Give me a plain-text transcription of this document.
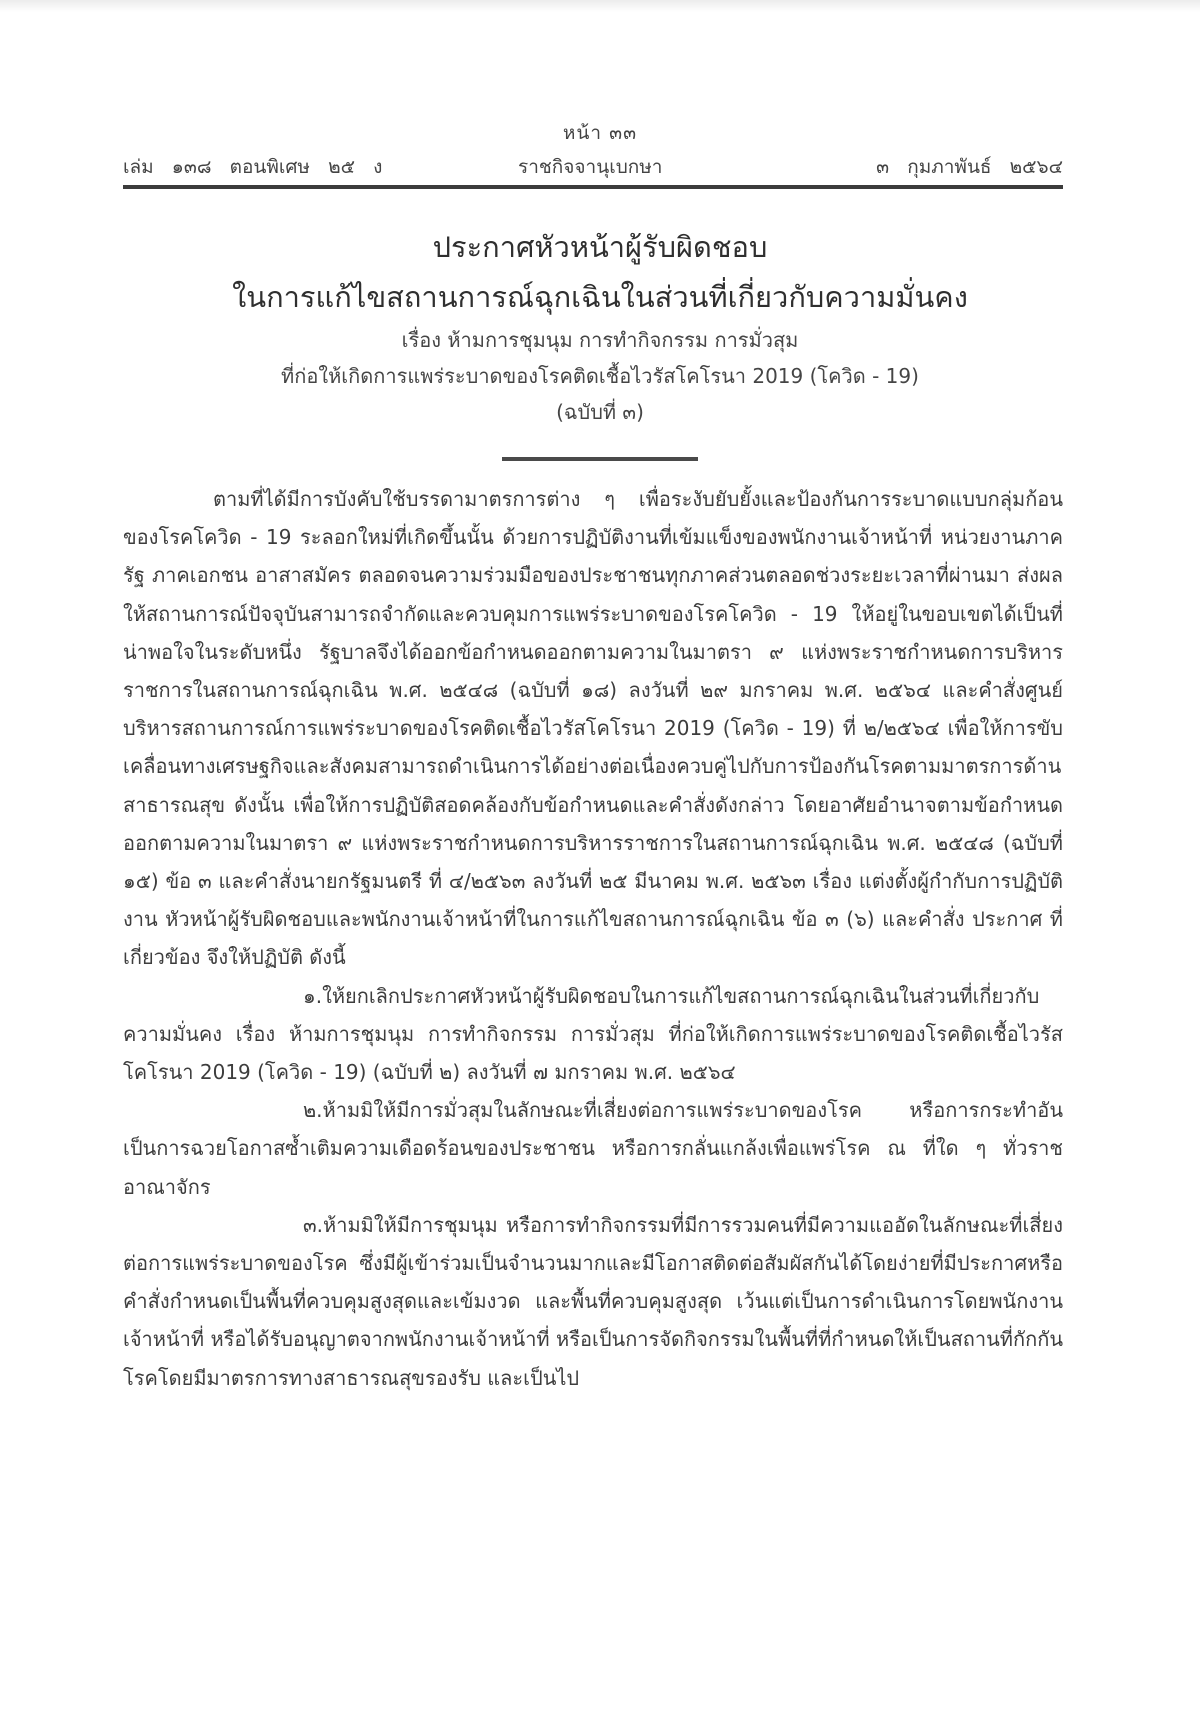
หน้า ๓๓
เล่ม   ๑๓๘   ตอนพิเศษ   ๒๕   ง	ราชกิจจานุเบกษา	๓   กุมภาพันธ์   ๒๕๖๔
ประกาศหัวหน้าผู้รับผิดชอบ
ในการแก้ไขสถานการณ์ฉุกเฉินในส่วนที่เกี่ยวกับความมั่นคง
เรื่อง ห้ามการชุมนุม การทำกิจกรรม การมั่วสุม
ที่ก่อให้เกิดการแพร่ระบาดของโรคติดเชื้อไวรัสโคโรนา 2019 (โควิด - 19)
(ฉบับที่ ๓)

ตามที่ได้มีการบังคับใช้บรรดามาตรการต่าง ๆ เพื่อระงับยับยั้งและป้องกันการระบาดแบบกลุ่มก้อนของโรคโควิด - 19 ระลอกใหม่ที่เกิดขึ้นนั้น ด้วยการปฏิบัติงานที่เข้มแข็งของพนักงานเจ้าหน้าที่ หน่วยงานภาครัฐ ภาคเอกชน อาสาสมัคร ตลอดจนความร่วมมือของประชาชนทุกภาคส่วนตลอดช่วงระยะเวลาที่ผ่านมา ส่งผลให้สถานการณ์ปัจจุบันสามารถจำกัดและควบคุมการแพร่ระบาดของโรคโควิด - 19 ให้อยู่ในขอบเขตได้เป็นที่น่าพอใจในระดับหนึ่ง รัฐบาลจึงได้ออกข้อกำหนดออกตามความในมาตรา ๙ แห่งพระราชกำหนดการบริหารราชการในสถานการณ์ฉุกเฉิน พ.ศ. ๒๕๔๘ (ฉบับที่ ๑๘) ลงวันที่ ๒๙ มกราคม พ.ศ. ๒๕๖๔ และคำสั่งศูนย์บริหารสถานการณ์การแพร่ระบาดของโรคติดเชื้อไวรัสโคโรนา 2019 (โควิด - 19) ที่ ๒/๒๕๖๔ เพื่อให้การขับเคลื่อนทางเศรษฐกิจและสังคมสามารถดำเนินการได้อย่างต่อเนื่องควบคู่ไปกับการป้องกันโรคตามมาตรการด้านสาธารณสุข ดังนั้น เพื่อให้การปฏิบัติสอดคล้องกับข้อกำหนดและคำสั่งดังกล่าว โดยอาศัยอำนาจตามข้อกำหนดออกตามความในมาตรา ๙ แห่งพระราชกำหนดการบริหารราชการในสถานการณ์ฉุกเฉิน พ.ศ. ๒๕๔๘ (ฉบับที่ ๑๕) ข้อ ๓ และคำสั่งนายกรัฐมนตรี ที่ ๔/๒๕๖๓ ลงวันที่ ๒๕ มีนาคม พ.ศ. ๒๕๖๓ เรื่อง แต่งตั้งผู้กำกับการปฏิบัติงาน หัวหน้าผู้รับผิดชอบและพนักงานเจ้าหน้าที่ในการแก้ไขสถานการณ์ฉุกเฉิน ข้อ ๓ (๖) และคำสั่ง ประกาศ ที่เกี่ยวข้อง จึงให้ปฏิบัติ ดังนี้

๑.ให้ยกเลิกประกาศหัวหน้าผู้รับผิดชอบในการแก้ไขสถานการณ์ฉุกเฉินในส่วนที่เกี่ยวกับความมั่นคง เรื่อง ห้ามการชุมนุม การทำกิจกรรม การมั่วสุม ที่ก่อให้เกิดการแพร่ระบาดของโรคติดเชื้อไวรัสโคโรนา 2019 (โควิด - 19) (ฉบับที่ ๒) ลงวันที่ ๗ มกราคม พ.ศ. ๒๕๖๔

๒.ห้ามมิให้มีการมั่วสุมในลักษณะที่เสี่ยงต่อการแพร่ระบาดของโรค หรือการกระทำอันเป็นการฉวยโอกาสซ้ำเติมความเดือดร้อนของประชาชน หรือการกลั่นแกล้งเพื่อแพร่โรค ณ ที่ใด ๆ ทั่วราชอาณาจักร

๓.ห้ามมิให้มีการชุมนุม หรือการทำกิจกรรมที่มีการรวมคนที่มีความแออัดในลักษณะที่เสี่ยงต่อการแพร่ระบาดของโรค ซึ่งมีผู้เข้าร่วมเป็นจำนวนมากและมีโอกาสติดต่อสัมผัสกันได้โดยง่ายที่มีประกาศหรือคำสั่งกำหนดเป็นพื้นที่ควบคุมสูงสุดและเข้มงวด และพื้นที่ควบคุมสูงสุด เว้นแต่เป็นการดำเนินการโดยพนักงานเจ้าหน้าที่ หรือได้รับอนุญาตจากพนักงานเจ้าหน้าที่ หรือเป็นการจัดกิจกรรมในพื้นที่ที่กำหนดให้เป็นสถานที่กักกันโรคโดยมีมาตรการทางสาธารณสุขรองรับ และเป็นไป
